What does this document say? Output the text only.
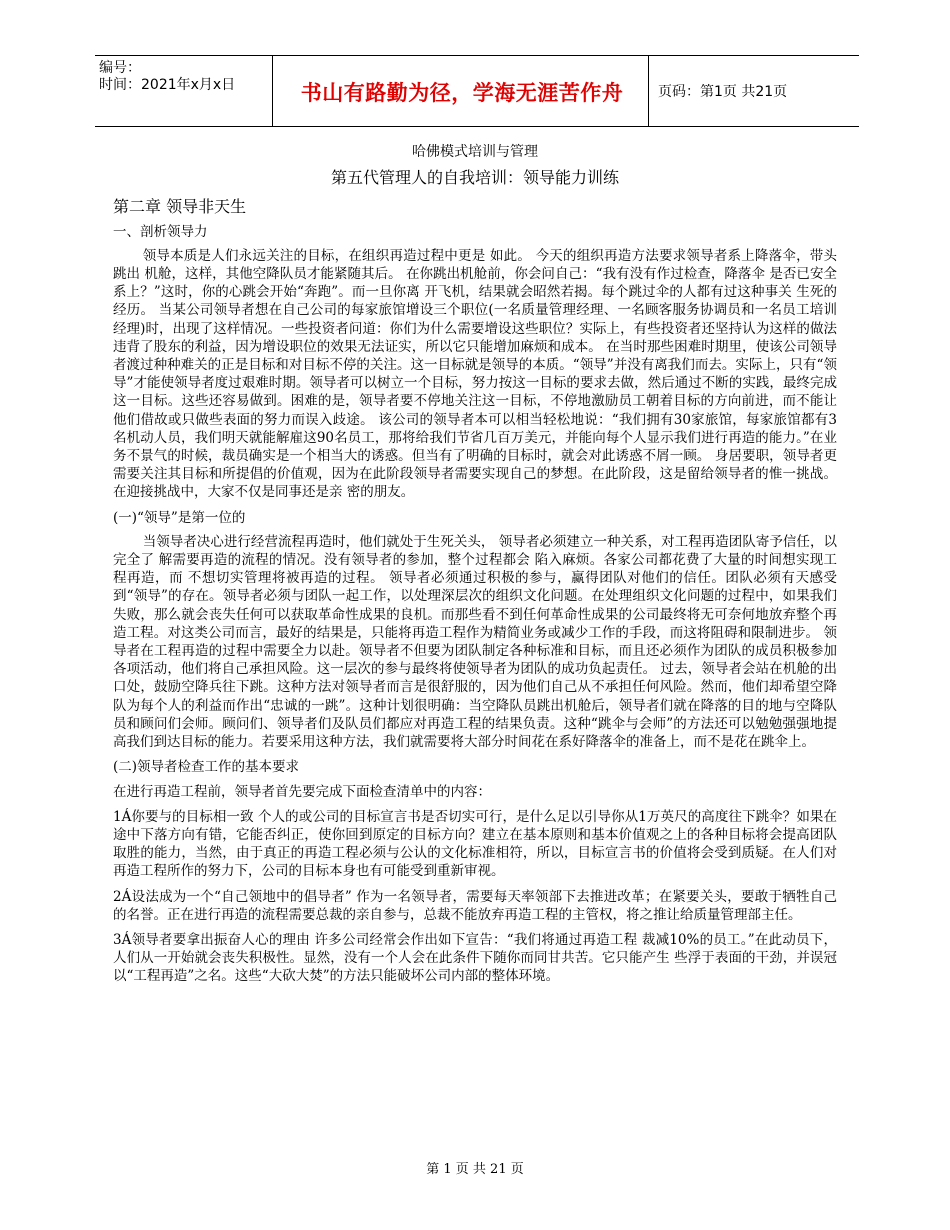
编号：
时间：2021年x月x日	书山有路勤为径，学海无涯苦作舟	页码：第1页 共21页

哈佛模式培训与管理

第五代管理人的自我培训：领导能力训练

第二章 领导非天生

一、剖析领导力

领导本质是人们永远关注的目标，在组织再造过程中更是 如此。 今天的组织再造方法要求领导者系上降落伞，带头跳出 机舱，这样，其他空降队员才能紧随其后。 在你跳出机舱前，你会问自己：“我有没有作过检查，降落伞 是否已安全系上？”这时，你的心跳会开始“奔跑”。而一旦你离 开飞机，结果就会昭然若揭。每个跳过伞的人都有过这种事关 生死的经历。 当某公司领导者想在自己公司的每家旅馆增设三个职位(一名质量管理经理、一名顾客服务协调员和一名员工培训经理)时，出现了这样情况。一些投资者问道：你们为什么需要增设这些职位？实际上，有些投资者还坚持认为这样的做法违背了股东的利益，因为增设职位的效果无法证实，所以它只能增加麻烦和成本。 在当时那些困难时期里，使该公司领导者渡过种种难关的正是目标和对目标不停的关注。这一目标就是领导的本质。“领导”并没有离我们而去。实际上，只有“领导”才能使领导者度过艰难时期。领导者可以树立一个目标，努力按这一目标的要求去做，然后通过不断的实践，最终完成这一目标。这些还容易做到。困难的是，领导者要不停地关注这一目标，不停地激励员工朝着目标的方向前进，而不能让他们借故或只做些表面的努力而误入歧途。 该公司的领导者本可以相当轻松地说：“我们拥有30家旅馆，每家旅馆都有3名机动人员，我们明天就能解雇这90名员工，那将给我们节省几百万美元，并能向每个人显示我们进行再造的能力。”在业务不景气的时候，裁员确实是一个相当大的诱惑。但当有了明确的目标时，就会对此诱惑不屑一顾。 身居要职，领导者更需要关注其目标和所提倡的价值观，因为在此阶段领导者需要实现自己的梦想。在此阶段，这是留给领导者的惟一挑战。在迎接挑战中，大家不仅是同事还是亲 密的朋友。

(一)“领导”是第一位的

当领导者决心进行经营流程再造时，他们就处于生死关头， 领导者必须建立一种关系，对工程再造团队寄予信任，以完全了 解需要再造的流程的情况。没有领导者的参加，整个过程都会 陷入麻烦。各家公司都花费了大量的时间想实现工程再造，而 不想切实管理将被再造的过程。 领导者必须通过积极的参与，赢得团队对他们的信任。团队必须有天感受到“领导”的存在。领导者必须与团队一起工作，以处理深层次的组织文化问题。在处理组织文化问题的过程中，如果我们失败，那么就会丧失任何可以获取革命性成果的良机。而那些看不到任何革命性成果的公司最终将无可奈何地放弃整个再造工程。对这类公司而言，最好的结果是，只能将再造工程作为精简业务或减少工作的手段，而这将阻碍和限制进步。 领导者在工程再造的过程中需要全力以赴。领导者不但要为团队制定各种标准和目标，而且还必须作为团队的成员积极参加各项活动，他们将自己承担风险。这一层次的参与最终将使领导者为团队的成功负起责任。 过去，领导者会站在机舱的出口处，鼓励空降兵往下跳。这种方法对领导者而言是很舒服的，因为他们自己从不承担任何风险。然而，他们却希望空降队为每个人的利益而作出“忠诚的一跳”。这种计划很明确：当空降队员跳出机舱后，领导者们就在降落的目的地与空降队员和顾问们会师。顾问们、领导者们及队员们都应对再造工程的结果负责。这种“跳伞与会师”的方法还可以勉勉强强地提高我们到达目标的能力。若要采用这种方法，我们就需要将大部分时间花在系好降落伞的准备上，而不是花在跳伞上。

(二)领导者检查工作的基本要求

在进行再造工程前，领导者首先要完成下面检查清单中的内容：

1Á你要与的目标相一致 个人的或公司的目标宣言书是否切实可行，是什么足以引导你从1万英尺的高度往下跳伞？如果在途中下落方向有错，它能否纠正，使你回到原定的目标方向？建立在基本原则和基本价值观之上的各种目标将会提高团队取胜的能力，当然，由于真正的再造工程必须与公认的文化标准相符，所以，目标宣言书的价值将会受到质疑。在人们对再造工程所作的努力下，公司的目标本身也有可能受到重新审视。

2Á设法成为一个“自己领地中的倡导者” 作为一名领导者，需要每天率领部下去推进改革；在紧要关头，要敢于牺牲自己的名誉。正在进行再造的流程需要总裁的亲自参与，总裁不能放弃再造工程的主管权，将之推让给质量管理部主任。

3Á领导者要拿出振奋人心的理由 许多公司经常会作出如下宣告：“我们将通过再造工程 裁减10%的员工。”在此动员下，人们从一开始就会丧失积极性。显然，没有一个人会在此条件下随你而同甘共苦。它只能产生 些浮于表面的干劲，并误冠以“工程再造”之名。这些“大砍大焚”的方法只能破坏公司内部的整体环境。

第 1 页 共 21 页
